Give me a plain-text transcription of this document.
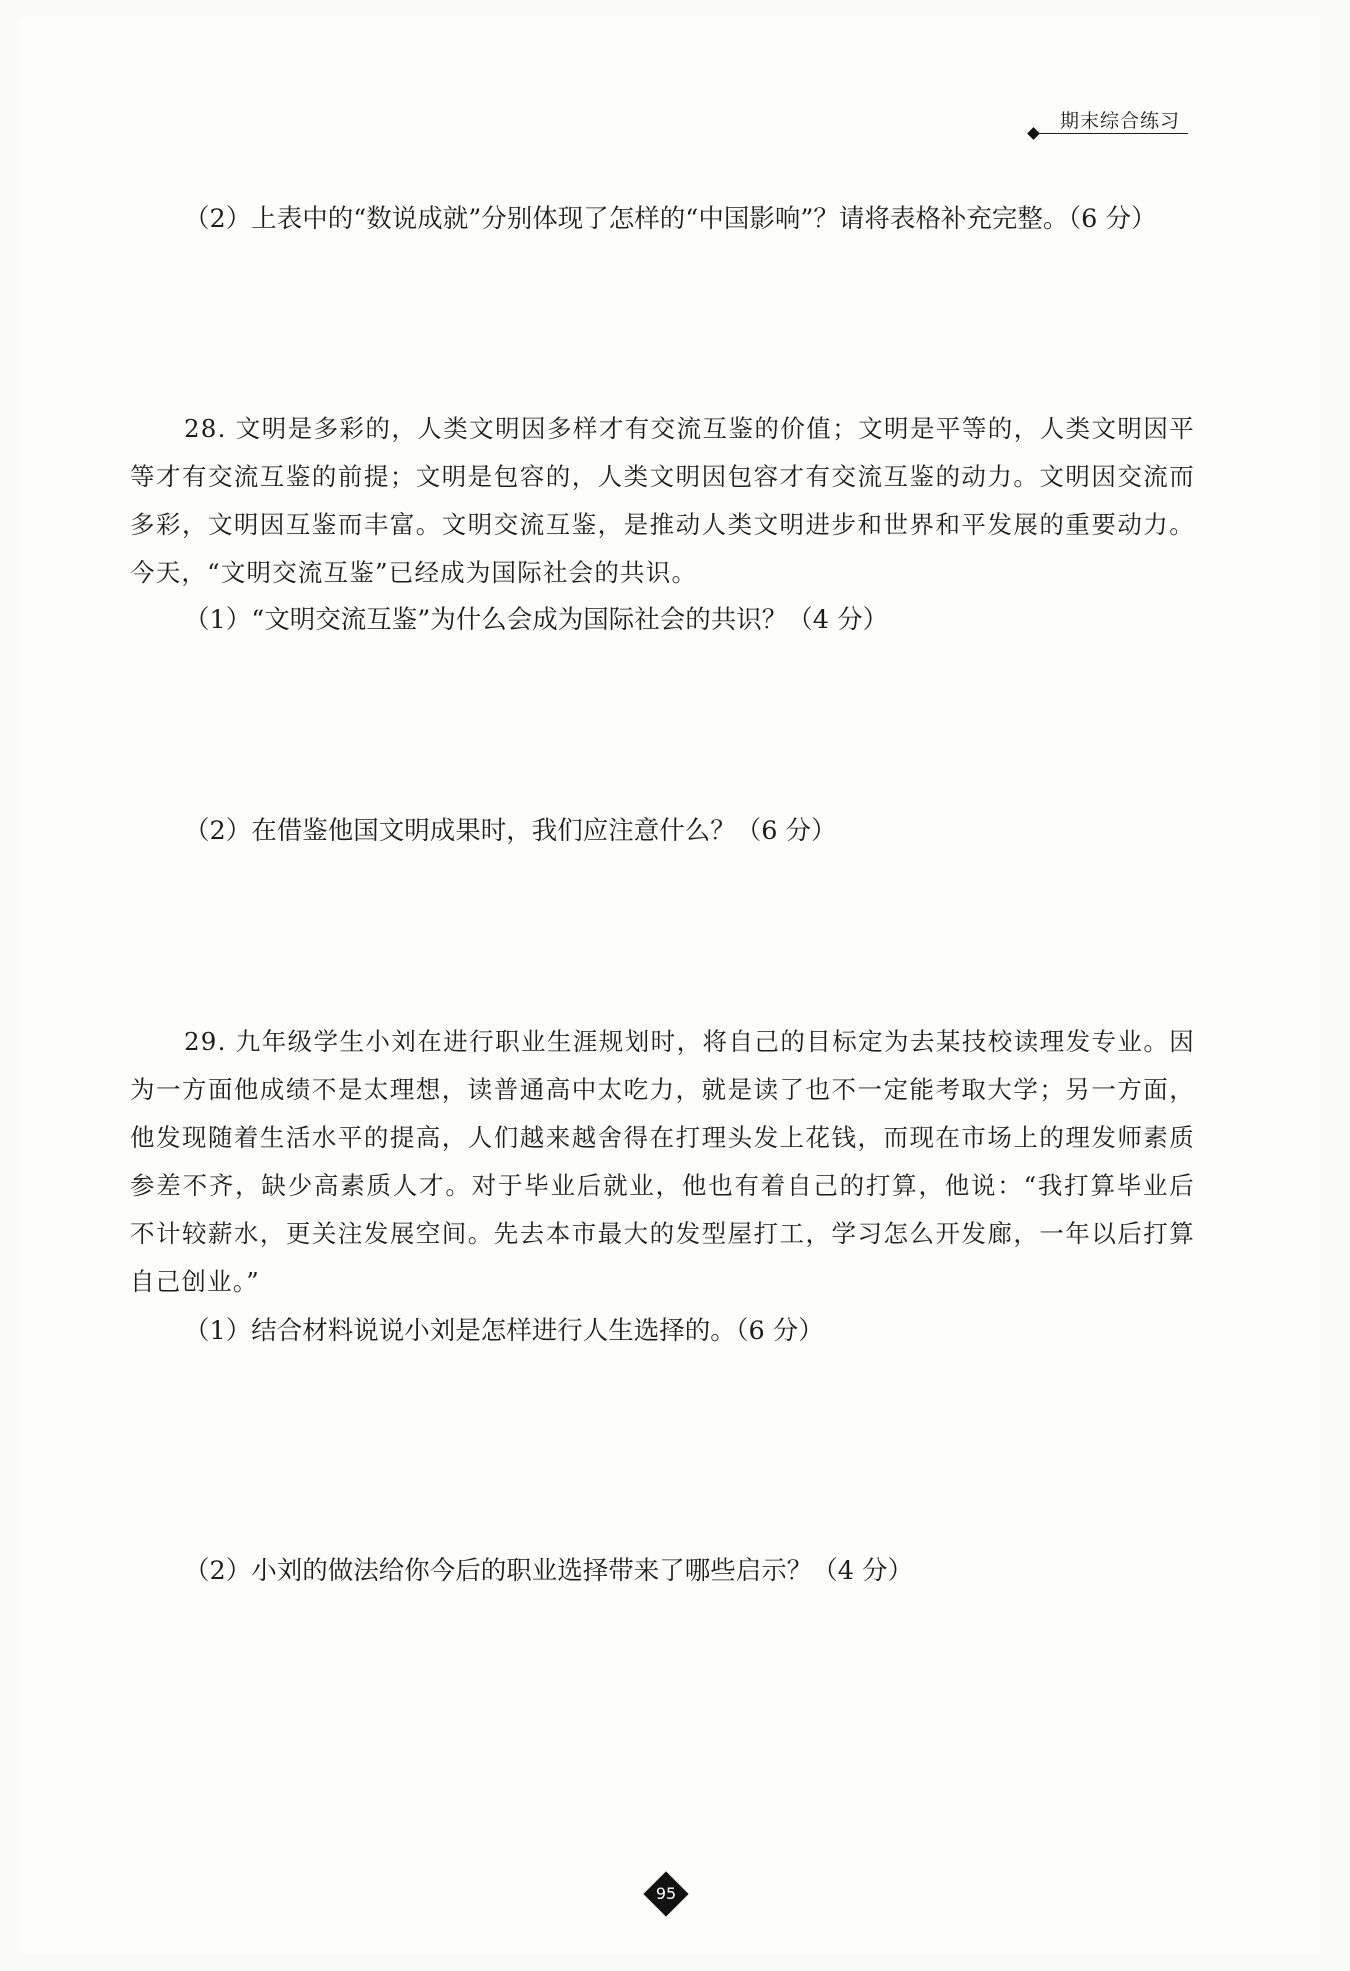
期末综合练习
（2）上表中的“数说成就”分别体现了怎样的“中国影响”？请将表格补充完整。（6 分）
28. 文明是多彩的，人类文明因多样才有交流互鉴的价值；文明是平等的，人类文明因平等才有交流互鉴的前提；文明是包容的，人类文明因包容才有交流互鉴的动力。文明因交流而多彩，文明因互鉴而丰富。文明交流互鉴，是推动人类文明进步和世界和平发展的重要动力。今天，“文明交流互鉴”已经成为国际社会的共识。
（1）“文明交流互鉴”为什么会成为国际社会的共识？（4 分）
（2）在借鉴他国文明成果时，我们应注意什么？（6 分）
29. 九年级学生小刘在进行职业生涯规划时，将自己的目标定为去某技校读理发专业。因为一方面他成绩不是太理想，读普通高中太吃力，就是读了也不一定能考取大学；另一方面，他发现随着生活水平的提高，人们越来越舍得在打理头发上花钱，而现在市场上的理发师素质参差不齐，缺少高素质人才。对于毕业后就业，他也有着自己的打算，他说：“我打算毕业后不计较薪水，更关注发展空间。先去本市最大的发型屋打工，学习怎么开发廊，一年以后打算自己创业。”
（1）结合材料说说小刘是怎样进行人生选择的。（6 分）
（2）小刘的做法给你今后的职业选择带来了哪些启示？（4 分）
95
